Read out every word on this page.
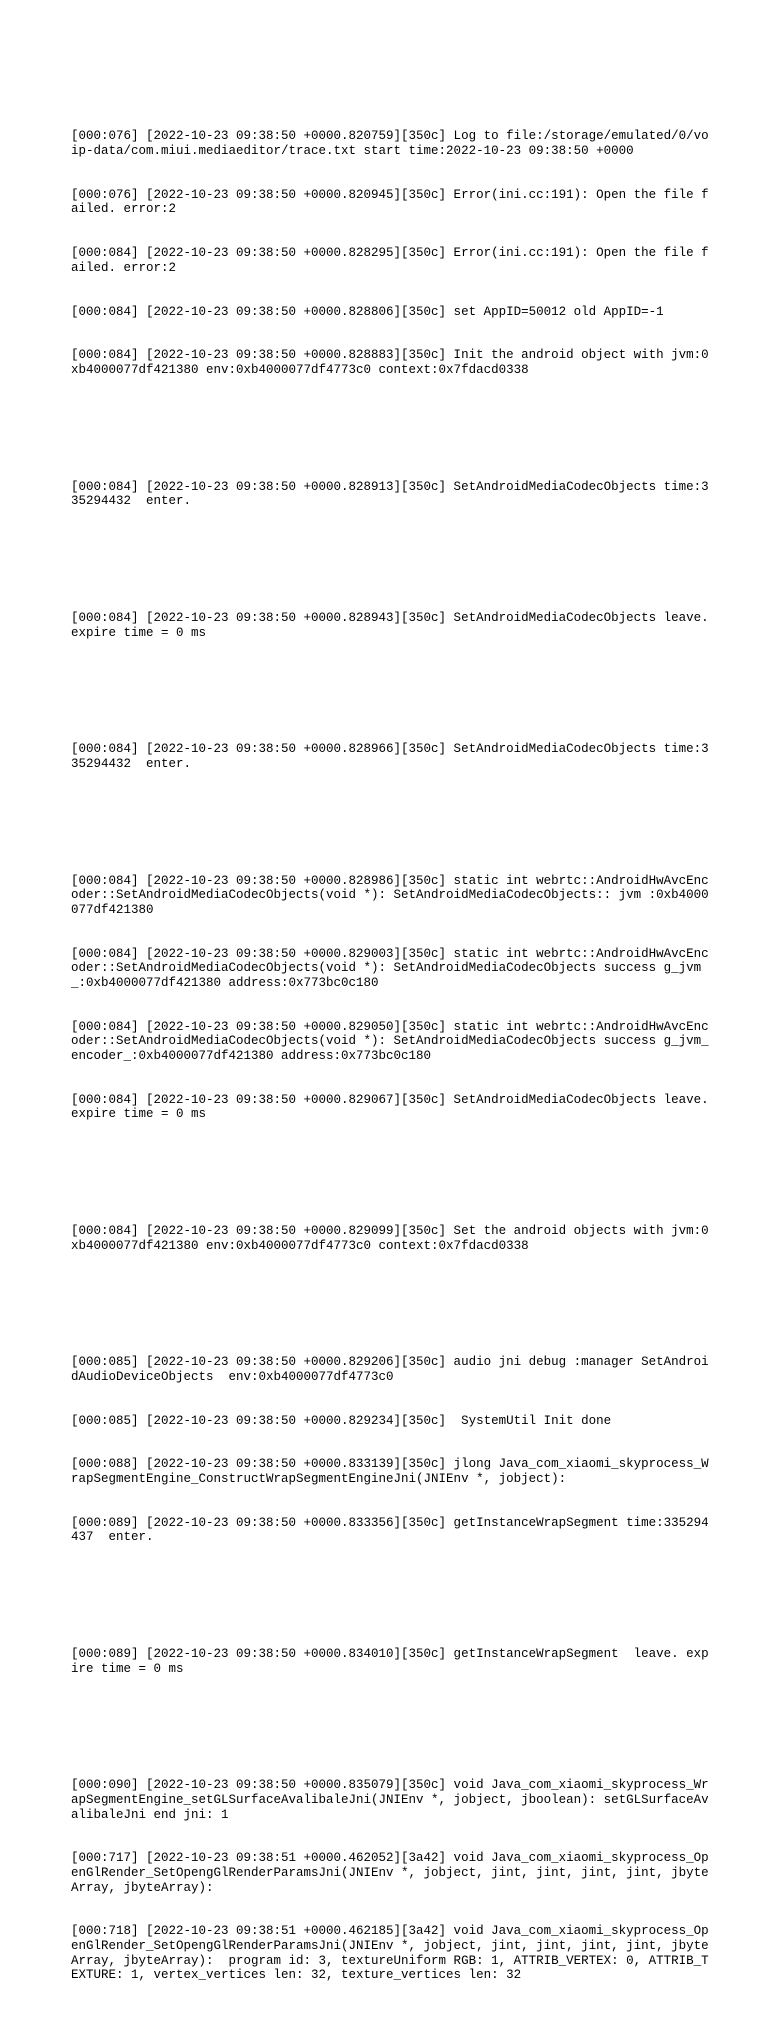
[000:076] [2022-10-23 09:38:50 +0000.820759][350c] Log to file:/storage/emulated/0/voip-data/com.miui.mediaeditor/trace.txt start time:2022-10-23 09:38:50 +0000

[000:076] [2022-10-23 09:38:50 +0000.820945][350c] Error(ini.cc:191): Open the file failed. error:2

[000:084] [2022-10-23 09:38:50 +0000.828295][350c] Error(ini.cc:191): Open the file failed. error:2

[000:084] [2022-10-23 09:38:50 +0000.828806][350c] set AppID=50012 old AppID=-1

[000:084] [2022-10-23 09:38:50 +0000.828883][350c] Init the android object with jvm:0xb4000077df421380 env:0xb4000077df4773c0 context:0x7fdacd0338

[000:084] [2022-10-23 09:38:50 +0000.828913][350c] SetAndroidMediaCodecObjects time:335294432  enter.

[000:084] [2022-10-23 09:38:50 +0000.828943][350c] SetAndroidMediaCodecObjects leave. expire time = 0 ms

[000:084] [2022-10-23 09:38:50 +0000.828966][350c] SetAndroidMediaCodecObjects time:335294432  enter.

[000:084] [2022-10-23 09:38:50 +0000.828986][350c] static int webrtc::AndroidHwAvcEncoder::SetAndroidMediaCodecObjects(void *): SetAndroidMediaCodecObjects:: jvm :0xb4000077df421380

[000:084] [2022-10-23 09:38:50 +0000.829003][350c] static int webrtc::AndroidHwAvcEncoder::SetAndroidMediaCodecObjects(void *): SetAndroidMediaCodecObjects success g_jvm_:0xb4000077df421380 address:0x773bc0c180

[000:084] [2022-10-23 09:38:50 +0000.829050][350c] static int webrtc::AndroidHwAvcEncoder::SetAndroidMediaCodecObjects(void *): SetAndroidMediaCodecObjects success g_jvm_encoder_:0xb4000077df421380 address:0x773bc0c180

[000:084] [2022-10-23 09:38:50 +0000.829067][350c] SetAndroidMediaCodecObjects leave. expire time = 0 ms

[000:084] [2022-10-23 09:38:50 +0000.829099][350c] Set the android objects with jvm:0xb4000077df421380 env:0xb4000077df4773c0 context:0x7fdacd0338

[000:085] [2022-10-23 09:38:50 +0000.829206][350c] audio jni debug :manager SetAndroidAudioDeviceObjects  env:0xb4000077df4773c0

[000:085] [2022-10-23 09:38:50 +0000.829234][350c]  SystemUtil Init done

[000:088] [2022-10-23 09:38:50 +0000.833139][350c] jlong Java_com_xiaomi_skyprocess_WrapSegmentEngine_ConstructWrapSegmentEngineJni(JNIEnv *, jobject):

[000:089] [2022-10-23 09:38:50 +0000.833356][350c] getInstanceWrapSegment time:335294437  enter.

[000:089] [2022-10-23 09:38:50 +0000.834010][350c] getInstanceWrapSegment  leave. expire time = 0 ms

[000:090] [2022-10-23 09:38:50 +0000.835079][350c] void Java_com_xiaomi_skyprocess_WrapSegmentEngine_setGLSurfaceAvalibaleJni(JNIEnv *, jobject, jboolean): setGLSurfaceAvalibaleJni end jni: 1

[000:717] [2022-10-23 09:38:51 +0000.462052][3a42] void Java_com_xiaomi_skyprocess_OpenGlRender_SetOpengGlRenderParamsJni(JNIEnv *, jobject, jint, jint, jint, jint, jbyteArray, jbyteArray):

[000:718] [2022-10-23 09:38:51 +0000.462185][3a42] void Java_com_xiaomi_skyprocess_OpenGlRender_SetOpengGlRenderParamsJni(JNIEnv *, jobject, jint, jint, jint, jint, jbyteArray, jbyteArray):  program id: 3, textureUniform RGB: 1, ATTRIB_VERTEX: 0, ATTRIB_TEXTURE: 1, vertex_vertices len: 32, texture_vertices len: 32
